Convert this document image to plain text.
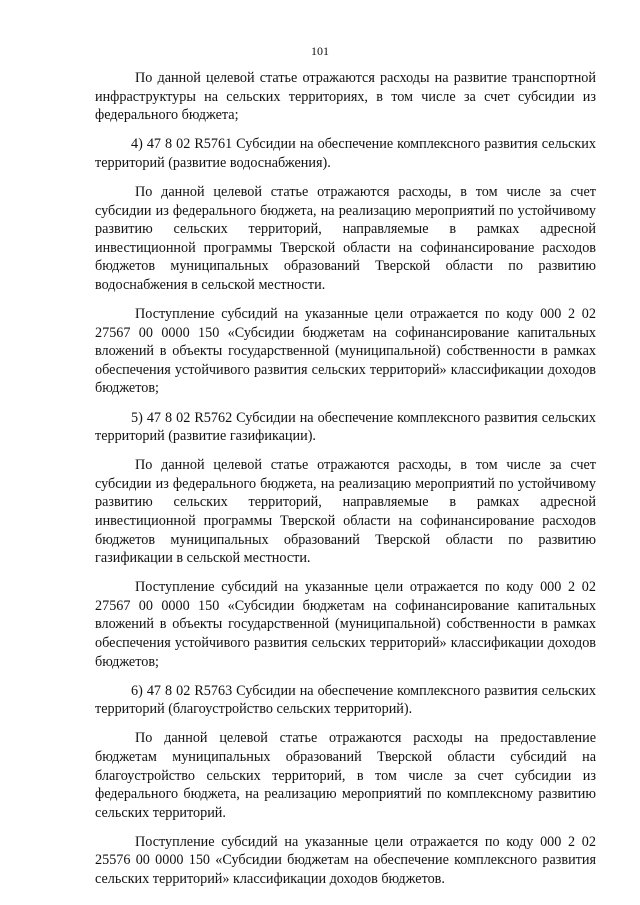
101

По данной целевой статье отражаются расходы на развитие транспортной инфраструктуры на сельских территориях, в том числе за счет субсидии из федерального бюджета;

4) 47 8 02 R5761 Субсидии на обеспечение комплексного развития сельских территорий (развитие водоснабжения).

По данной целевой статье отражаются расходы, в том числе за счет субсидии из федерального бюджета, на реализацию мероприятий по устойчивому развитию сельских территорий, направляемые в рамках адресной инвестиционной программы Тверской области на софинансирование расходов бюджетов муниципальных образований Тверской области по развитию водоснабжения в сельской местности.

Поступление субсидий на указанные цели отражается по коду 000 2 02 27567 00 0000 150 «Субсидии бюджетам на софинансирование капитальных вложений в объекты государственной (муниципальной) собственности в рамках обеспечения устойчивого развития сельских территорий» классификации доходов бюджетов;

5) 47 8 02 R5762 Субсидии на обеспечение комплексного развития сельских территорий (развитие газификации).

По данной целевой статье отражаются расходы, в том числе за счет субсидии из федерального бюджета, на реализацию мероприятий по устойчивому развитию сельских территорий, направляемые в рамках адресной инвестиционной программы Тверской области на софинансирование расходов бюджетов муниципальных образований Тверской области по развитию газификации в сельской местности.

Поступление субсидий на указанные цели отражается по коду 000 2 02 27567 00 0000 150 «Субсидии бюджетам на софинансирование капитальных вложений в объекты государственной (муниципальной) собственности в рамках обеспечения устойчивого развития сельских территорий» классификации доходов бюджетов;

6) 47 8 02 R5763 Субсидии на обеспечение комплексного развития сельских территорий (благоустройство сельских территорий).

По данной целевой статье отражаются расходы на предоставление бюджетам муниципальных образований Тверской области субсидий на благоустройство сельских территорий, в том числе за счет субсидии из федерального бюджета, на реализацию мероприятий по комплексному развитию сельских территорий.

Поступление субсидий на указанные цели отражается по коду 000 2 02 25576 00 0000 150 «Субсидии бюджетам на обеспечение комплексного развития сельских территорий» классификации доходов бюджетов.
